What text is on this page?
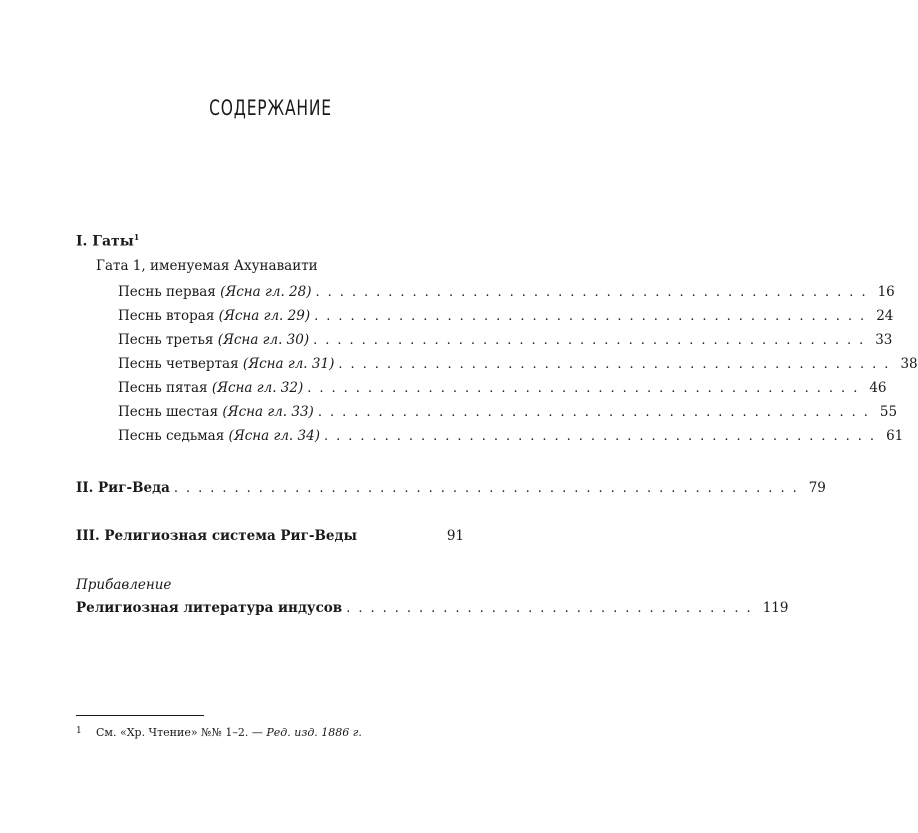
СОДЕРЖАНИЕ
I. Гаты$^1$
Гата 1, именуемая Ахунаваити
Песнь первая (Ясна гл. 28) .............................................. 16
Песнь вторая (Ясна гл. 29) .............................................. 24
Песнь третья (Ясна гл. 30) .............................................. 33
Песнь четвертая (Ясна гл. 31) .............................................. 38
Песнь пятая (Ясна гл. 32) .............................................. 46
Песнь шестая (Ясна гл. 33) .............................................. 55
Песнь седьмая (Ясна гл. 34) .............................................. 61
II. Риг-Веда .................................................... 79
III. Религиозная система Риг-Веды	91
Прибавление
Религиозная литература индусов .................................. 119
1	См. «Хр. Чтение» №№ 1–2. — Ред. изд. 1886 г.
